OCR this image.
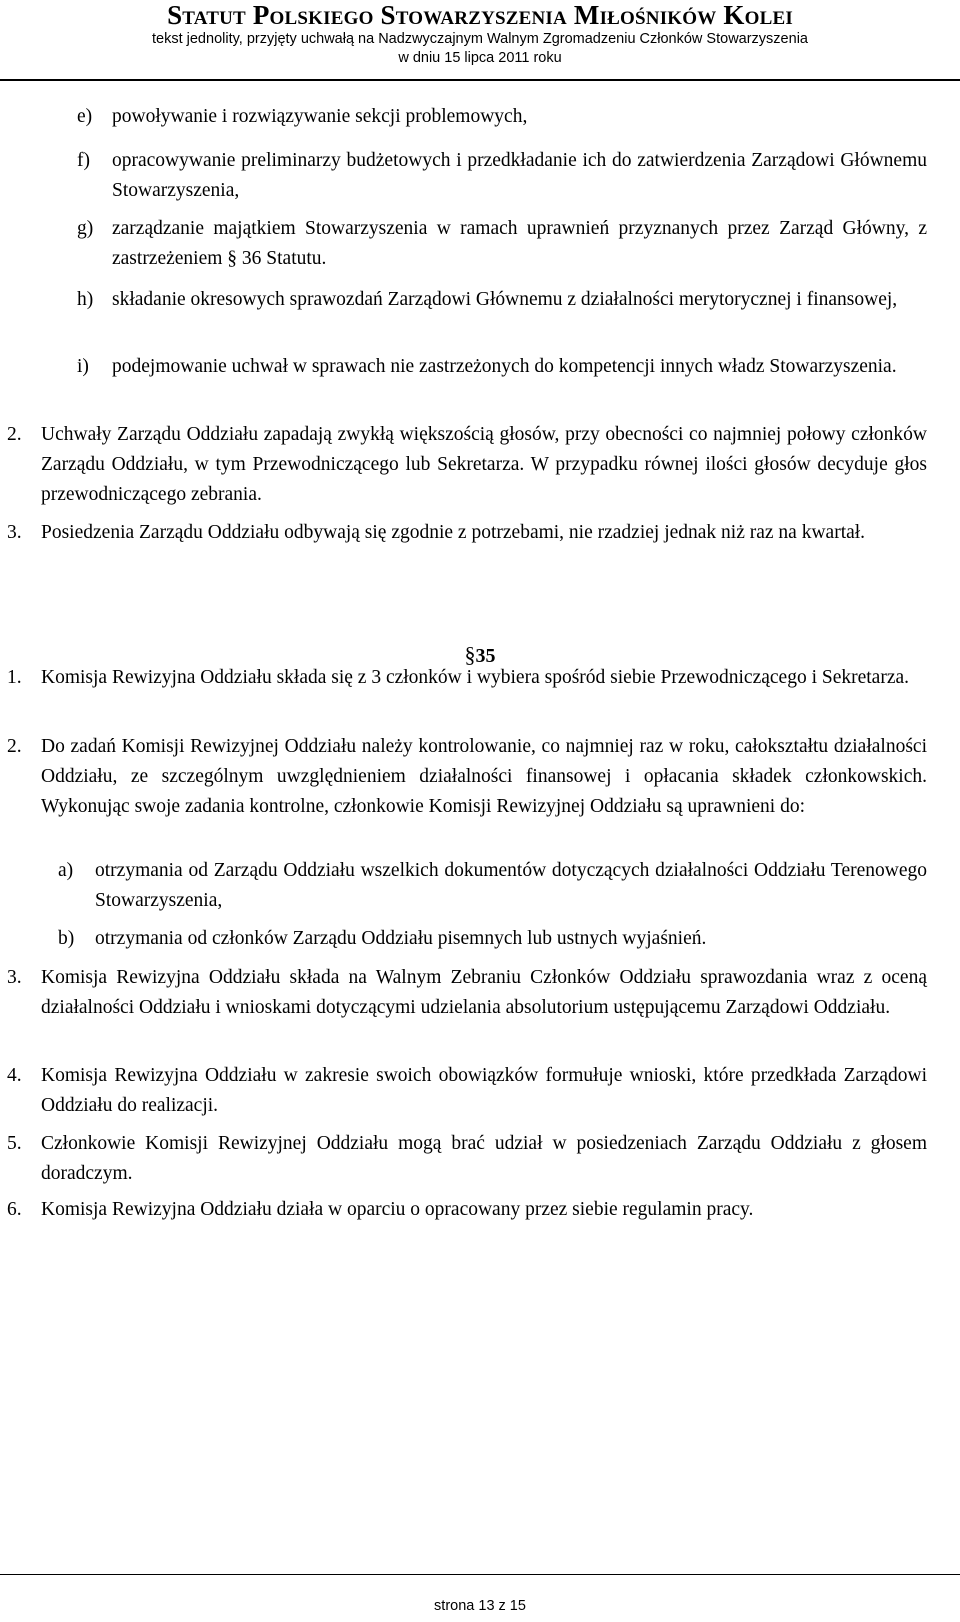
Statut Polskiego Stowarzyszenia Miłośników Kolei
tekst jednolity, przyjęty uchwałą na Nadzwyczajnym Walnym Zgromadzeniu Członków Stowarzyszenia
w dniu 15 lipca 2011 roku
e) powoływanie i rozwiązywanie sekcji problemowych,
f) opracowywanie preliminarzy budżetowych i przedkładanie ich do zatwierdzenia Zarządowi Głównemu Stowarzyszenia,
g) zarządzanie majątkiem Stowarzyszenia w ramach uprawnień przyznanych przez Zarząd Główny, z zastrzeżeniem § 36 Statutu.
h) składanie okresowych sprawozdań Zarządowi Głównemu z działalności merytorycznej i finansowej,
i) podejmowanie uchwał w sprawach nie zastrzeżonych do kompetencji innych władz Stowarzyszenia.
2. Uchwały Zarządu Oddziału zapadają zwykłą większością głosów, przy obecności co najmniej połowy członków Zarządu Oddziału, w tym Przewodniczącego lub Sekretarza. W przypadku równej ilości głosów decyduje głos przewodniczącego zebrania.
3. Posiedzenia Zarządu Oddziału odbywają się zgodnie z potrzebami, nie rzadziej jednak niż raz na kwartał.
§35
1. Komisja Rewizyjna Oddziału składa się z 3 członków i wybiera spośród siebie Przewodniczącego i Sekretarza.
2. Do zadań Komisji Rewizyjnej Oddziału należy kontrolowanie, co najmniej raz w roku, całokształtu działalności Oddziału, ze szczególnym uwzględnieniem działalności finansowej i opłacania składek członkowskich. Wykonując swoje zadania kontrolne, członkowie Komisji Rewizyjnej Oddziału są uprawnieni do:
a) otrzymania od Zarządu Oddziału wszelkich dokumentów dotyczących działalności Oddziału Terenowego Stowarzyszenia,
b) otrzymania od członków Zarządu Oddziału pisemnych lub ustnych wyjaśnień.
3. Komisja Rewizyjna Oddziału składa na Walnym Zebraniu Członków Oddziału sprawozdania wraz z oceną działalności Oddziału i wnioskami dotyczącymi udzielania absolutorium ustępującemu Zarządowi Oddziału.
4. Komisja Rewizyjna Oddziału w zakresie swoich obowiązków formułuje wnioski, które przedkłada Zarządowi Oddziału do realizacji.
5. Członkowie Komisji Rewizyjnej Oddziału mogą brać udział w posiedzeniach Zarządu Oddziału z głosem doradczym.
6. Komisja Rewizyjna Oddziału działa w oparciu o opracowany przez siebie regulamin pracy.
strona 13 z 15
